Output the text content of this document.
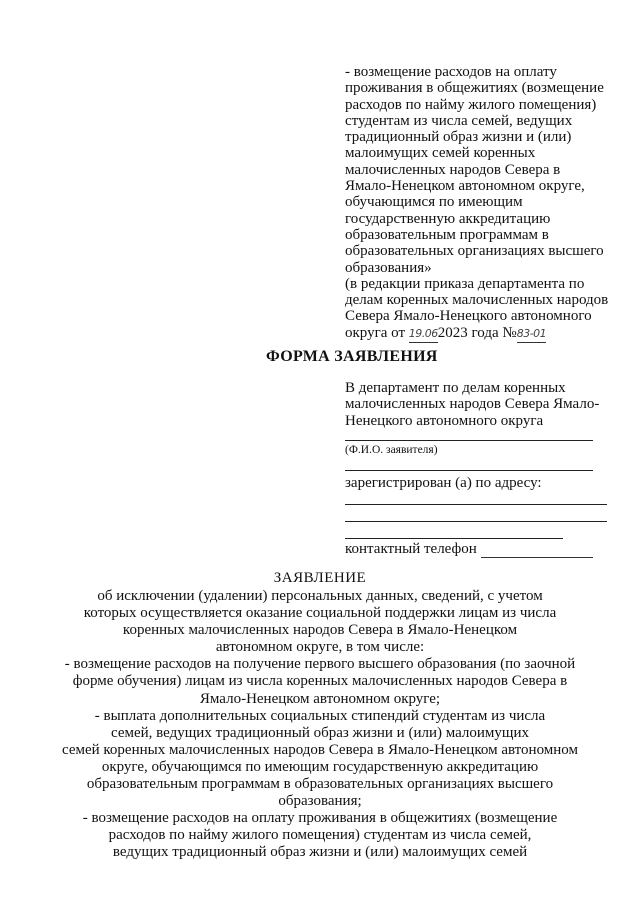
- возмещение расходов на оплату
проживания в общежитиях (возмещение
расходов по найму жилого помещения)
студентам из числа семей, ведущих
традиционный образ жизни и (или)
малоимущих семей коренных
малочисленных народов Севера в
Ямало-Ненецком автономном округе,
обучающимся по имеющим
государственную аккредитацию
образовательным программам в
образовательных организациях высшего
образования»
(в редакции приказа департамента по
делам коренных малочисленных народов
Севера Ямало-Ненецкого автономного
округа от 19.062023 года №83-01
ФОРМА ЗАЯВЛЕНИЯ
В департамент по делам коренных
малочисленных народов Севера Ямало-
Ненецкого автономного округа
(Ф.И.О. заявителя)
зарегистрирован (а) по адресу:
контактный телефон
ЗАЯВЛЕНИЕ
об исключении (удалении) персональных данных, сведений, с учетом
которых осуществляется оказание социальной поддержки лицам из числа
коренных малочисленных народов Севера в Ямало-Ненецком
автономном округе, в том числе:
- возмещение расходов на получение первого высшего образования (по заочной
форме обучения) лицам из числа коренных малочисленных народов Севера в
Ямало-Ненецком автономном округе;
- выплата дополнительных социальных стипендий студентам из числа
семей, ведущих традиционный образ жизни и (или) малоимущих
семей коренных малочисленных народов Севера в Ямало-Ненецком автономном
округе, обучающимся по имеющим государственную аккредитацию
образовательным программам в образовательных организациях высшего
образования;
- возмещение расходов на оплату проживания в общежитиях (возмещение
расходов по найму жилого помещения) студентам из числа семей,
ведущих традиционный образ жизни и (или) малоимущих семей
